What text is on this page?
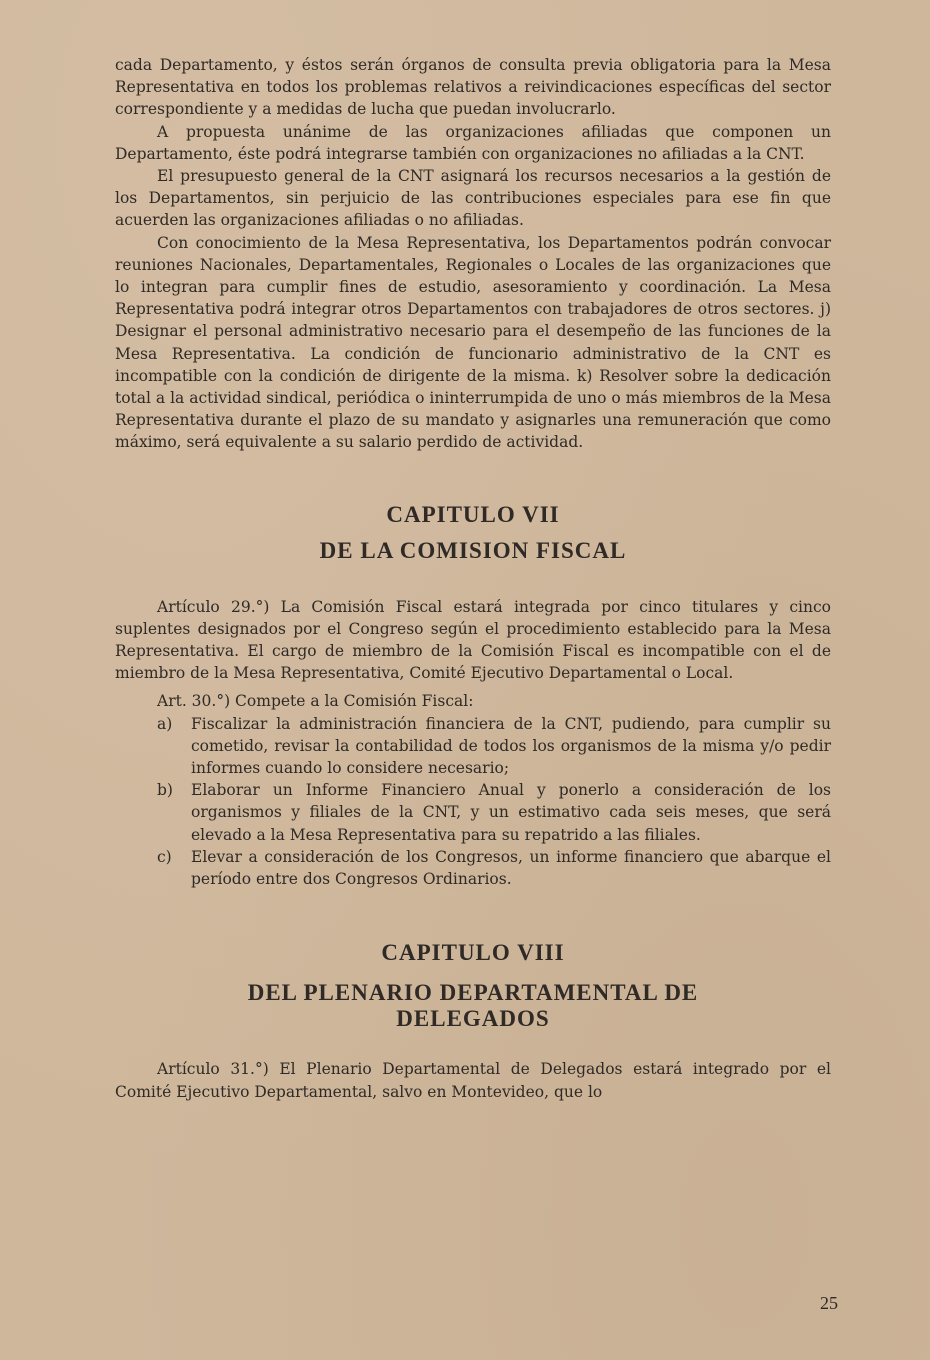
cada Departamento, y éstos serán órganos de consulta previa obligatoria para la Mesa Representativa en todos los problemas relativos a reivindicaciones específicas del sector correspondiente y a medidas de lucha que puedan involucrarlo.

A propuesta unánime de las organizaciones afiliadas que componen un Departamento, éste podrá integrarse también con organizaciones no afiliadas a la CNT.

El presupuesto general de la CNT asignará los recursos necesarios a la gestión de los Departamentos, sin perjuicio de las contribuciones especiales para ese fin que acuerden las organizaciones afiliadas o no afiliadas.

Con conocimiento de la Mesa Representativa, los Departamentos podrán convocar reuniones Nacionales, Departamentales, Regionales o Locales de las organizaciones que lo integran para cumplir fines de estudio, asesoramiento y coordinación. La Mesa Representativa podrá integrar otros Departamentos con trabajadores de otros sectores. j) Designar el personal administrativo necesario para el desempeño de las funciones de la Mesa Representativa. La condición de funcionario administrativo de la CNT es incompatible con la condición de dirigente de la misma. k) Resolver sobre la dedicación total a la actividad sindical, periódica o ininterrumpida de uno o más miembros de la Mesa Representativa durante el plazo de su mandato y asignarles una remuneración que como máximo, será equivalente a su salario perdido de actividad.

CAPITULO VII

DE LA COMISION FISCAL

Artículo 29.°) La Comisión Fiscal estará integrada por cinco titulares y cinco suplentes designados por el Congreso según el procedimiento establecido para la Mesa Representativa. El cargo de miembro de la Comisión Fiscal es incompatible con el de miembro de la Mesa Representativa, Comité Ejecutivo Departamental o Local.

Art. 30.°) Compete a la Comisión Fiscal:

a)	Fiscalizar la administración financiera de la CNT, pudiendo, para cumplir su cometido, revisar la contabilidad de todos los organismos de la misma y/o pedir informes cuando lo considere necesario;
b)	Elaborar un Informe Financiero Anual y ponerlo a consideración de los organismos y filiales de la CNT, y un estimativo cada seis meses, que será elevado a la Mesa Representativa para su repatrido a las filiales.
c)	Elevar a consideración de los Congresos, un informe financiero que abarque el período entre dos Congresos Ordinarios.

CAPITULO VIII

DEL PLENARIO DEPARTAMENTAL DE

DELEGADOS

Artículo 31.°) El Plenario Departamental de Delegados estará integrado por el Comité Ejecutivo Departamental, salvo en Montevideo, que lo

25
